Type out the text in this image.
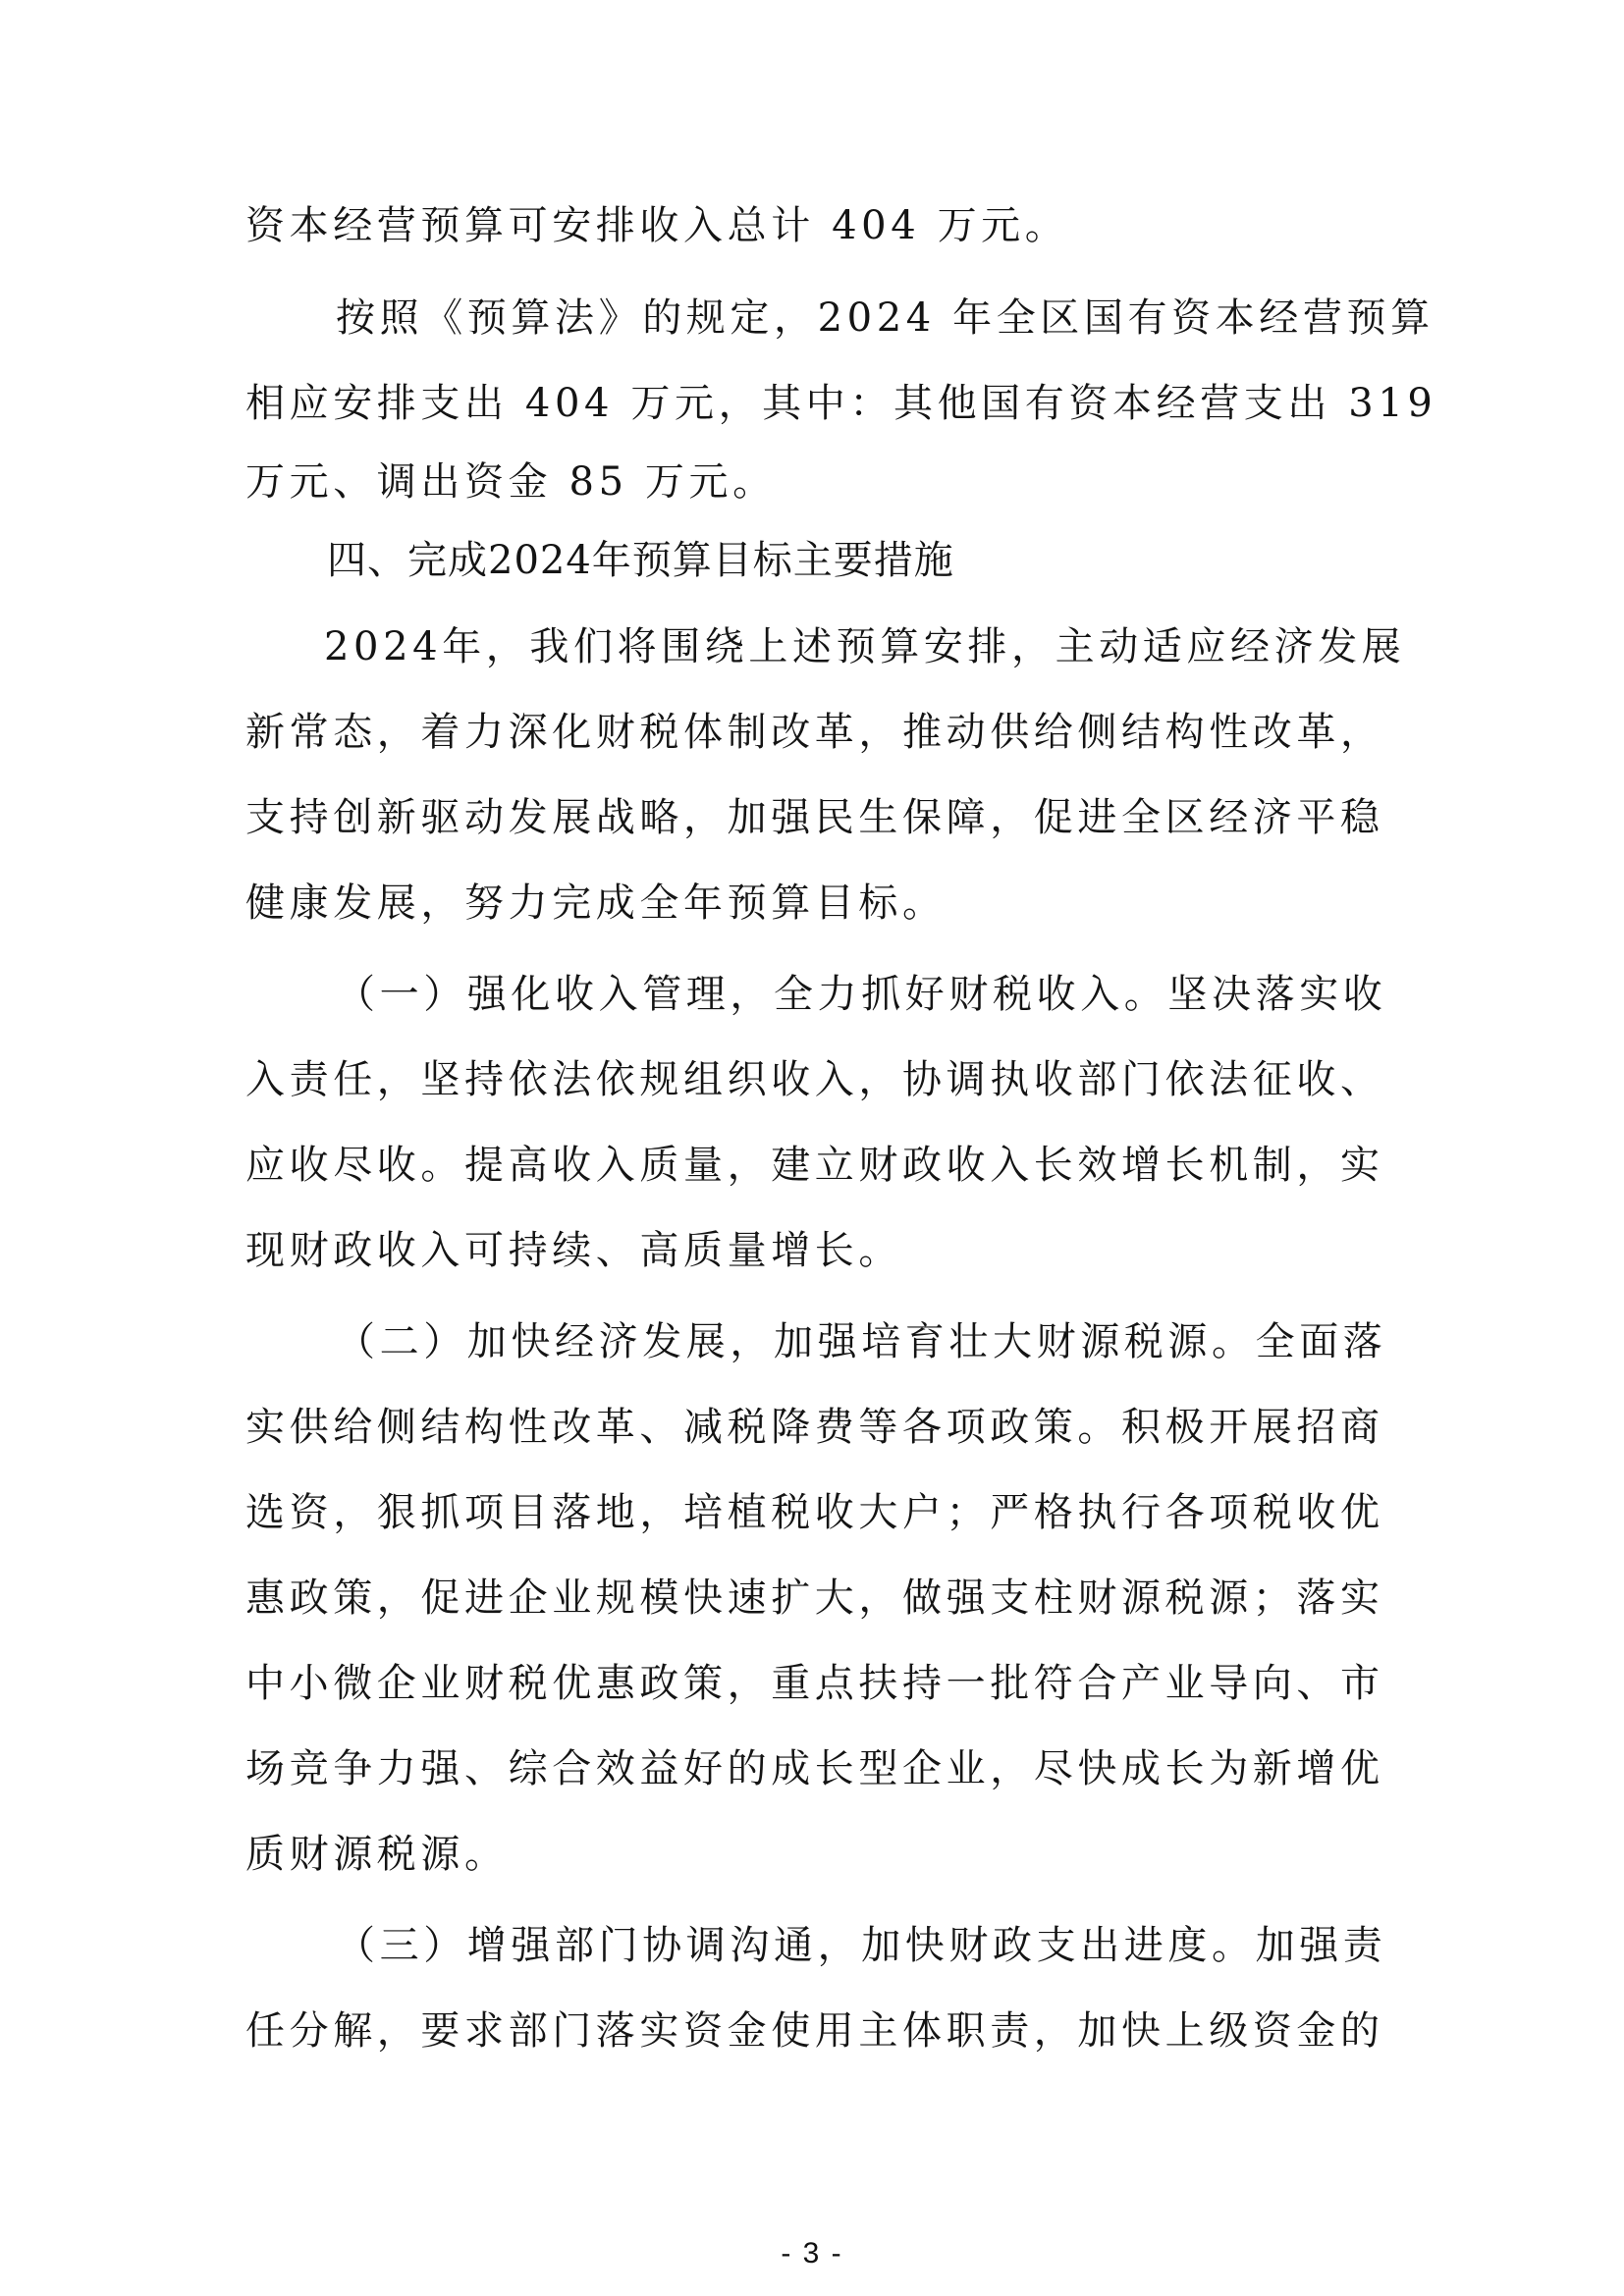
资本经营预算可安排收入总计 404 万元。
按照《预算法》的规定，2024 年全区国有资本经营预算
相应安排支出 404 万元，其中：其他国有资本经营支出 319
万元、调出资金 85 万元。
四、完成2024年预算目标主要措施
2024年，我们将围绕上述预算安排，主动适应经济发展
新常态，着力深化财税体制改革，推动供给侧结构性改革，
支持创新驱动发展战略，加强民生保障，促进全区经济平稳
健康发展，努力完成全年预算目标。
（一）强化收入管理，全力抓好财税收入。坚决落实收
入责任，坚持依法依规组织收入，协调执收部门依法征收、
应收尽收。提高收入质量，建立财政收入长效增长机制，实
现财政收入可持续、高质量增长。
（二）加快经济发展，加强培育壮大财源税源。全面落
实供给侧结构性改革、减税降费等各项政策。积极开展招商
选资，狠抓项目落地，培植税收大户；严格执行各项税收优
惠政策，促进企业规模快速扩大，做强支柱财源税源；落实
中小微企业财税优惠政策，重点扶持一批符合产业导向、市
场竞争力强、综合效益好的成长型企业，尽快成长为新增优
质财源税源。
（三）增强部门协调沟通，加快财政支出进度。加强责
任分解，要求部门落实资金使用主体职责，加快上级资金的
- 3 -
